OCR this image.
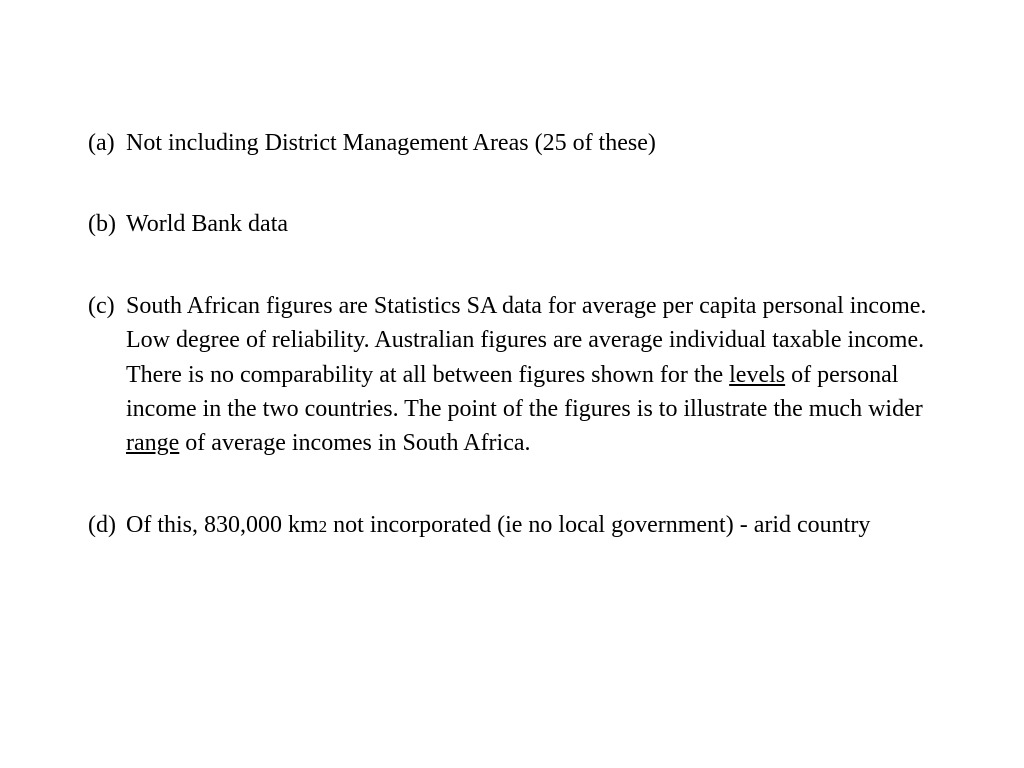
(a) Not including District Management Areas (25 of these)
(b) World Bank data
(c) South African figures are Statistics SA data for average per capita personal income. Low degree of reliability. Australian figures are average individual taxable income. There is no comparability at all between figures shown for the levels of personal income in the two countries. The point of the figures is to illustrate the much wider range of average incomes in South Africa.
(d) Of this, 830,000 km2 not incorporated (ie no local government) - arid country
